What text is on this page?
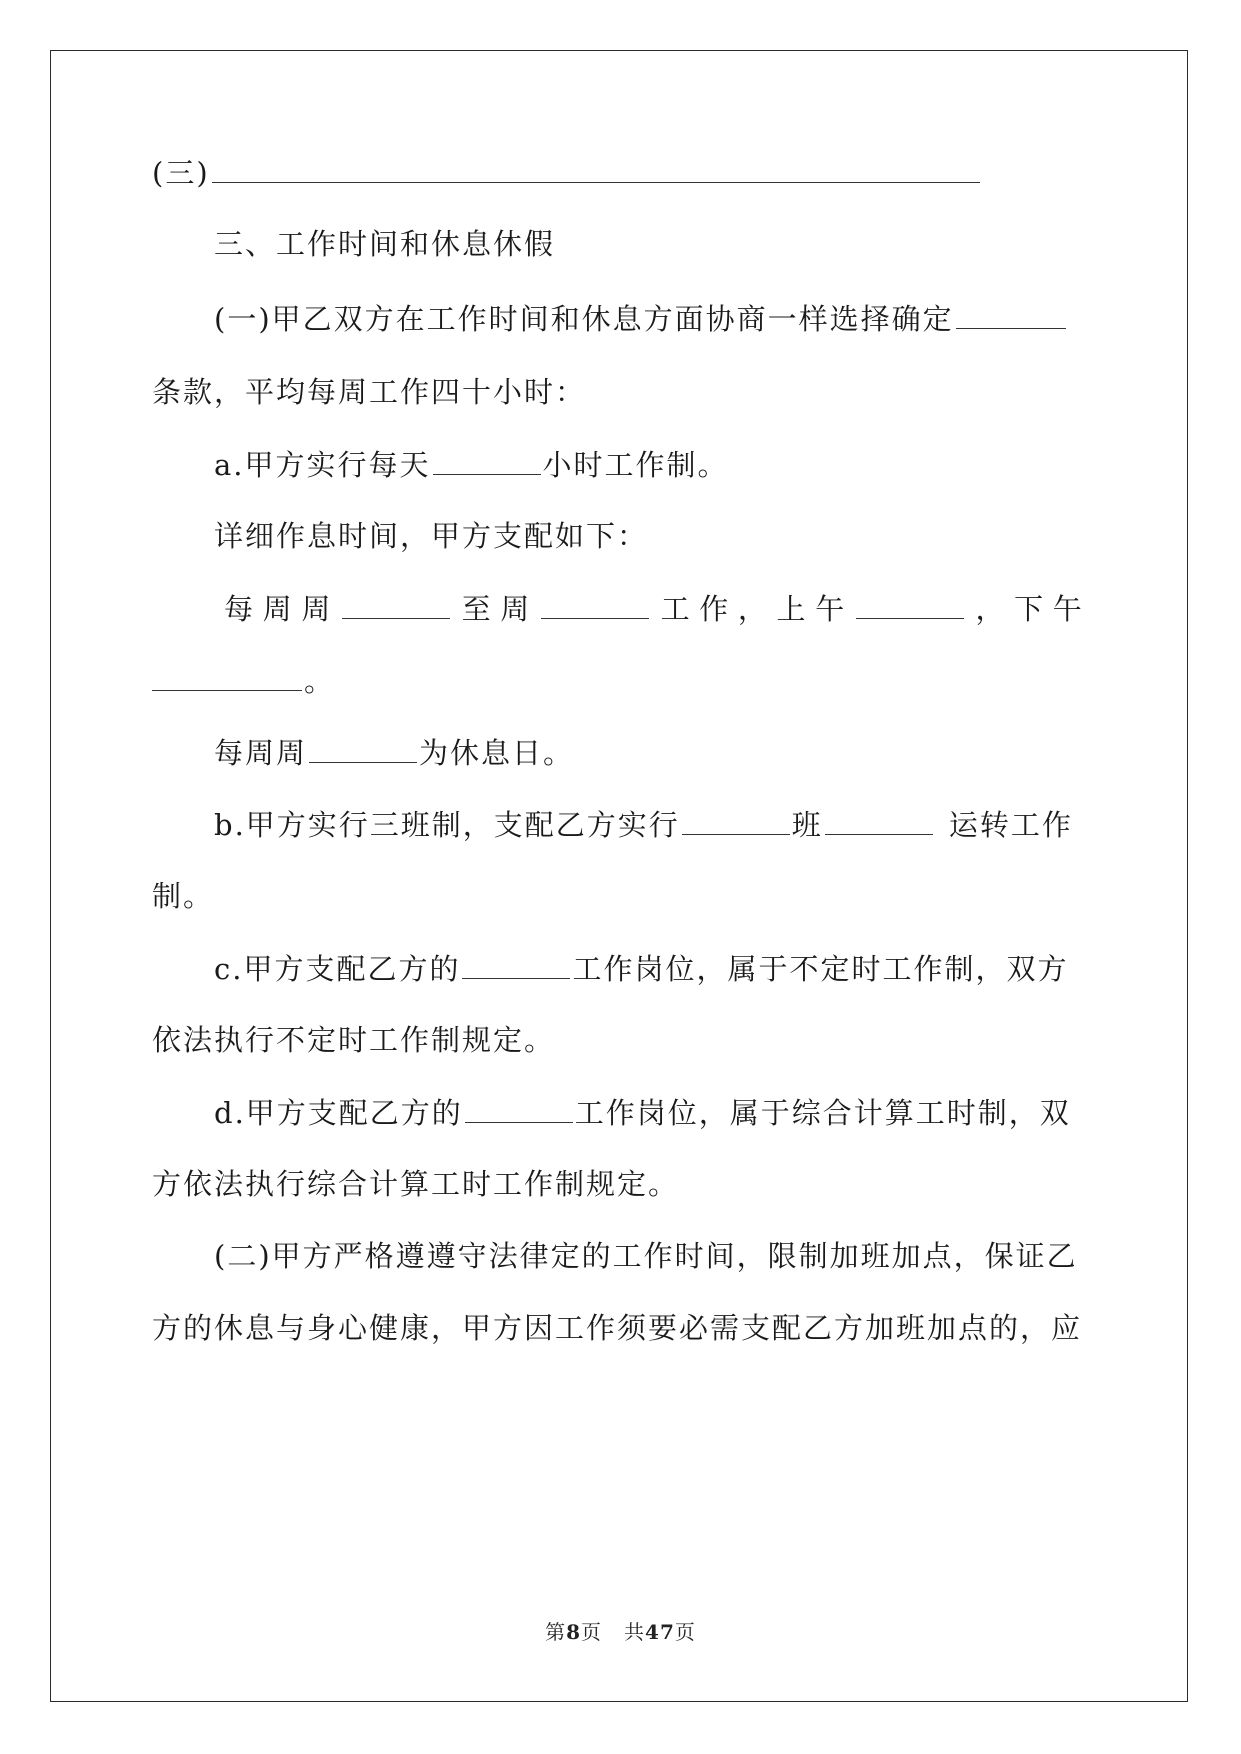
(三)
三、工作时间和休息休假
(一)甲乙双方在工作时间和休息方面协商一样选择确定
条款，平均每周工作四十小时：
a.甲方实行每天	小时工作制。
详细作息时间，甲方支配如下：
每 周 周	至 周	工 作 ， 上 午	， 下 午
。
每周周	为休息日。
b.甲方实行三班制，支配乙方实行	班	运转工作
制。
c.甲方支配乙方的	工作岗位，属于不定时工作制，双方
依法执行不定时工作制规定。
d.甲方支配乙方的	工作岗位，属于综合计算工时制，双
方依法执行综合计算工时工作制规定。
(二)甲方严格遵遵守法律定的工作时间，限制加班加点，保证乙
方的休息与身心健康，甲方因工作须要必需支配乙方加班加点的，应
第8页 共47页
